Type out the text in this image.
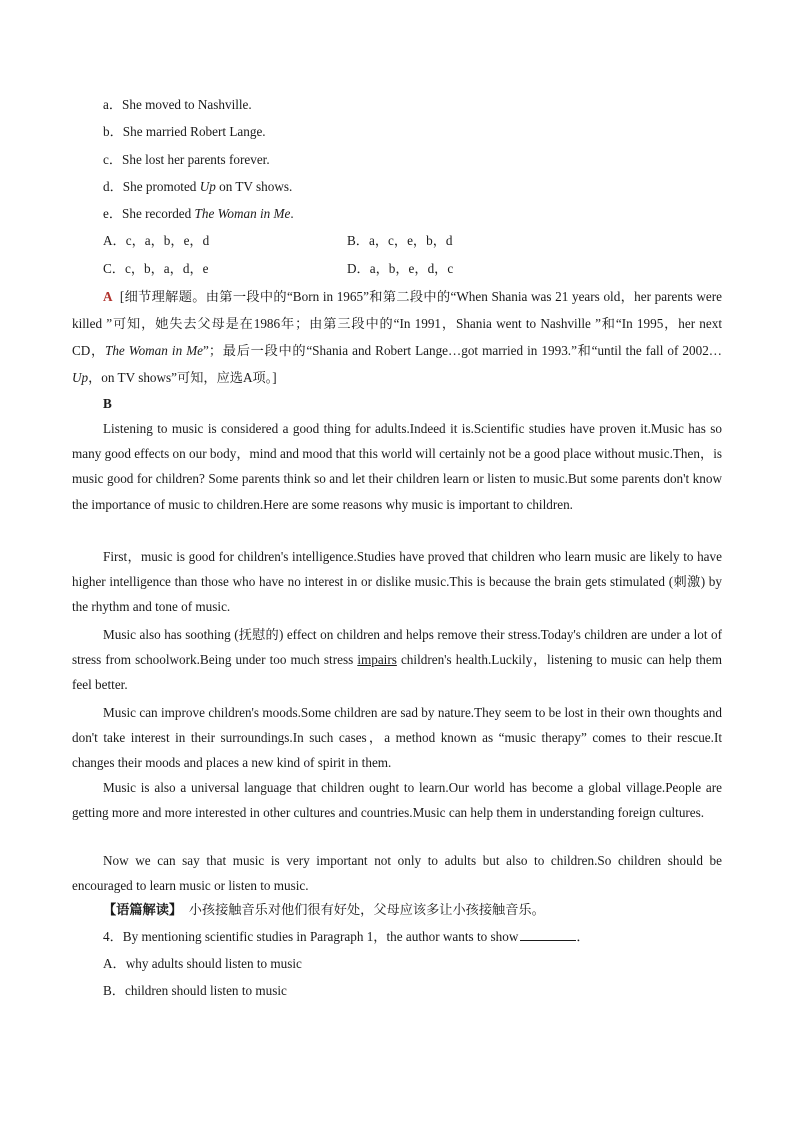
a．She moved to Nashville.
b．She married Robert Lange.
c．She lost her parents forever.
d．She promoted Up on TV shows.
e．She recorded The Woman in Me.
A．c，a，b，e，d	B．a，c，e，b，d
C．c，b，a，d，e	D．a，b，e，d，c
A [细节理解题。由第一段中的“Born in 1965”和第二段中的“When Shania was 21 years old，her parents were killed ”可知，她失去父母是在1986年；由第三段中的“In 1991，Shania went to Nashville ”和“In 1995，her next CD，The Woman in Me”；最后一段中的“Shania and Robert Lange…got married in 1993.”和“until the fall of 2002…Up，on TV shows”可知，应选A项。]
B
Listening to music is considered a good thing for adults.Indeed it is.Scientific studies have proven it.Music has so many good effects on our body，mind and mood that this world will certainly not be a good place without music.Then，is music good for children? Some parents think so and let their children learn or listen to music.But some parents don't know the importance of music to children.Here are some reasons why music is important to children.
First，music is good for children's intelligence.Studies have proved that children who learn music are likely to have higher intelligence than those who have no interest in or dislike music.This is because the brain gets stimulated (刺激) by the rhythm and tone of music.
Music also has soothing (抚慰的) effect on children and helps remove their stress.Today's children are under a lot of stress from schoolwork.Being under too much stress impairs children's health.Luckily，listening to music can help them feel better.
Music can improve children's moods.Some children are sad by nature.They seem to be lost in their own thoughts and don't take interest in their surroundings.In such cases，a method known as “music therapy” comes to their rescue.It changes their moods and places a new kind of spirit in them.
Music is also a universal language that children ought to learn.Our world has become a global village.People are getting more and more interested in other cultures and countries.Music can help them in understanding foreign cultures.
Now we can say that music is very important not only to adults but also to children.So children should be encouraged to learn music or listen to music.
【语篇解读】 小孩接触音乐对他们很有好处，父母应该多让小孩接触音乐。
4．By mentioning scientific studies in Paragraph 1，the author wants to show	．
A．why adults should listen to music
B．children should listen to music
